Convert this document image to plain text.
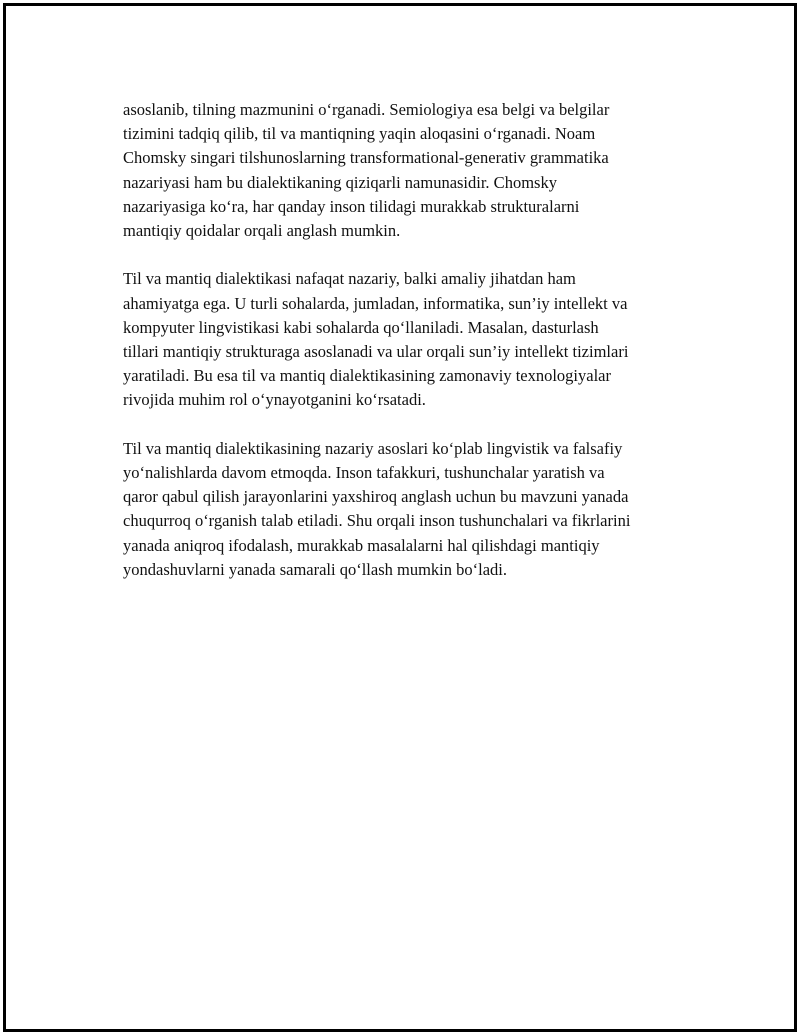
asoslanib, tilning mazmunini o‘rganadi. Semiologiya esa belgi va belgilar
tizimini tadqiq qilib, til va mantiqning yaqin aloqasini o‘rganadi. Noam
Chomsky singari tilshunoslarning transformational-generativ grammatika
nazariyasi ham bu dialektikaning qiziqarli namunasidir. Chomsky
nazariyasiga ko‘ra, har qanday inson tilidagi murakkab strukturalarni
mantiqiy qoidalar orqali anglash mumkin.

Til va mantiq dialektikasi nafaqat nazariy, balki amaliy jihatdan ham
ahamiyatga ega. U turli sohalarda, jumladan, informatika, sun’iy intellekt va
kompyuter lingvistikasi kabi sohalarda qo‘llaniladi. Masalan, dasturlash
tillari mantiqiy strukturaga asoslanadi va ular orqali sun’iy intellekt tizimlari
yaratiladi. Bu esa til va mantiq dialektikasining zamonaviy texnologiyalar
rivojida muhim rol o‘ynayotganini ko‘rsatadi.

Til va mantiq dialektikasining nazariy asoslari ko‘plab lingvistik va falsafiy
yo‘nalishlarda davom etmoqda. Inson tafakkuri, tushunchalar yaratish va
qaror qabul qilish jarayonlarini yaxshiroq anglash uchun bu mavzuni yanada
chuqurroq o‘rganish talab etiladi. Shu orqali inson tushunchalari va fikrlarini
yanada aniqroq ifodalash, murakkab masalalarni hal qilishdagi mantiqiy
yondashuvlarni yanada samarali qo‘llash mumkin bo‘ladi.
